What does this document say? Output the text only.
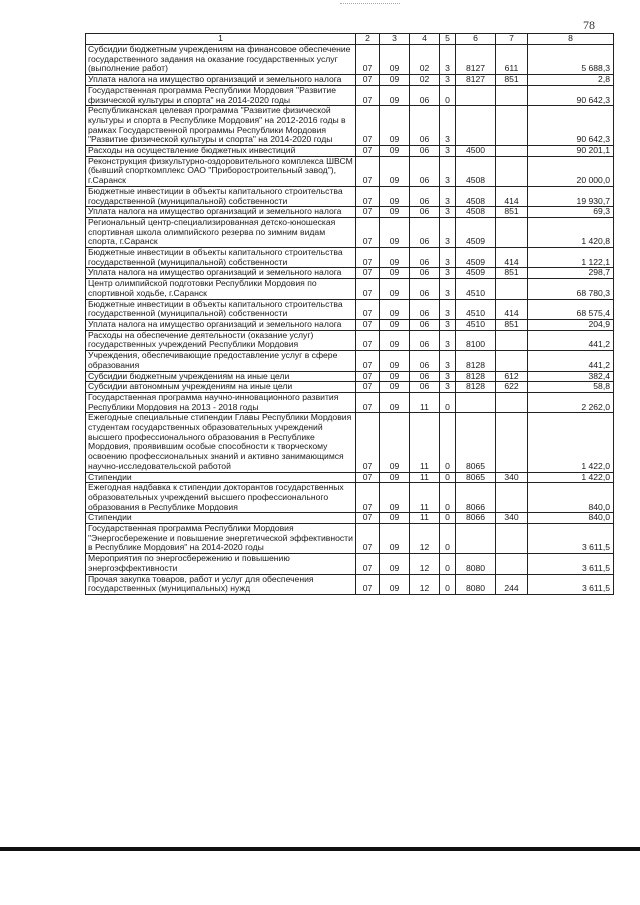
78
1	2	3	4	5	6	7	8
Субсидии бюджетным учреждениям на финансовое обеспечение государственного задания на оказание государственных услуг (выполнение работ)	07	09	02	3	8127	611	5 688,3
Уплата налога на имущество организаций и земельного налога	07	09	02	3	8127	851	2,8
Государственная программа Республики Мордовия "Развитие физической культуры и спорта" на 2014-2020 годы	07	09	06	0			90 642,3
Республиканская целевая программа "Развитие физической культуры и спорта в Республике Мордовия" на 2012-2016 годы в рамках Государственной программы Республики Мордовия "Развитие физической культуры и спорта" на 2014-2020 годы	07	09	06	3			90 642,3
Расходы на осуществление бюджетных инвестиций	07	09	06	3	4500		90 201,1
Реконструкция физкультурно-оздоровительного комплекса ШВСМ (бывший спорткомплекс ОАО "Приборостроительный завод"), г.Саранск	07	09	06	3	4508		20 000,0
Бюджетные инвестиции в объекты капитального строительства государственной (муниципальной) собственности	07	09	06	3	4508	414	19 930,7
Уплата налога на имущество организаций и земельного налога	07	09	06	3	4508	851	69,3
Региональный центр-специализированная детско-юношеская спортивная школа олимпийского резерва по зимним видам спорта, г.Саранск	07	09	06	3	4509		1 420,8
Бюджетные инвестиции в объекты капитального строительства государственной (муниципальной) собственности	07	09	06	3	4509	414	1 122,1
Уплата налога на имущество организаций и земельного налога	07	09	06	3	4509	851	298,7
Центр олимпийской подготовки Республики Мордовия по спортивной ходьбе, г.Саранск	07	09	06	3	4510		68 780,3
Бюджетные инвестиции в объекты капитального строительства государственной (муниципальной) собственности	07	09	06	3	4510	414	68 575,4
Уплата налога на имущество организаций и земельного налога	07	09	06	3	4510	851	204,9
Расходы на обеспечение деятельности (оказание услуг) государственных учреждений Республики Мордовия	07	09	06	3	8100		441,2
Учреждения, обеспечивающие предоставление услуг в сфере образования	07	09	06	3	8128		441,2
Субсидии бюджетным учреждениям на иные цели	07	09	06	3	8128	612	382,4
Субсидии автономным учреждениям на иные цели	07	09	06	3	8128	622	58,8
Государственная программа научно-инновационного развития Республики Мордовия на 2013 - 2018 годы	07	09	11	0			2 262,0
Ежегодные специальные стипендии Главы Республики Мордовия студентам государственных образовательных учреждений высшего профессионального образования в Республике Мордовия, проявившим особые способности к творческому освоению профессиональных знаний и активно занимающимся научно-исследовательской работой	07	09	11	0	8065		1 422,0
Стипендии	07	09	11	0	8065	340	1 422,0
Ежегодная надбавка к стипендии докторантов государственных образовательных учреждений высшего профессионального образования в Республике Мордовия	07	09	11	0	8066		840,0
Стипендии	07	09	11	0	8066	340	840,0
Государственная программа Республики Мордовия "Энергосбережение и повышение энергетической эффективности в Республике Мордовия" на 2014-2020 годы	07	09	12	0			3 611,5
Мероприятия по энергосбережению и повышению энергоэффективности	07	09	12	0	8080		3 611,5
Прочая закупка товаров, работ и услуг для обеспечения государственных (муниципальных) нужд	07	09	12	0	8080	244	3 611,5
